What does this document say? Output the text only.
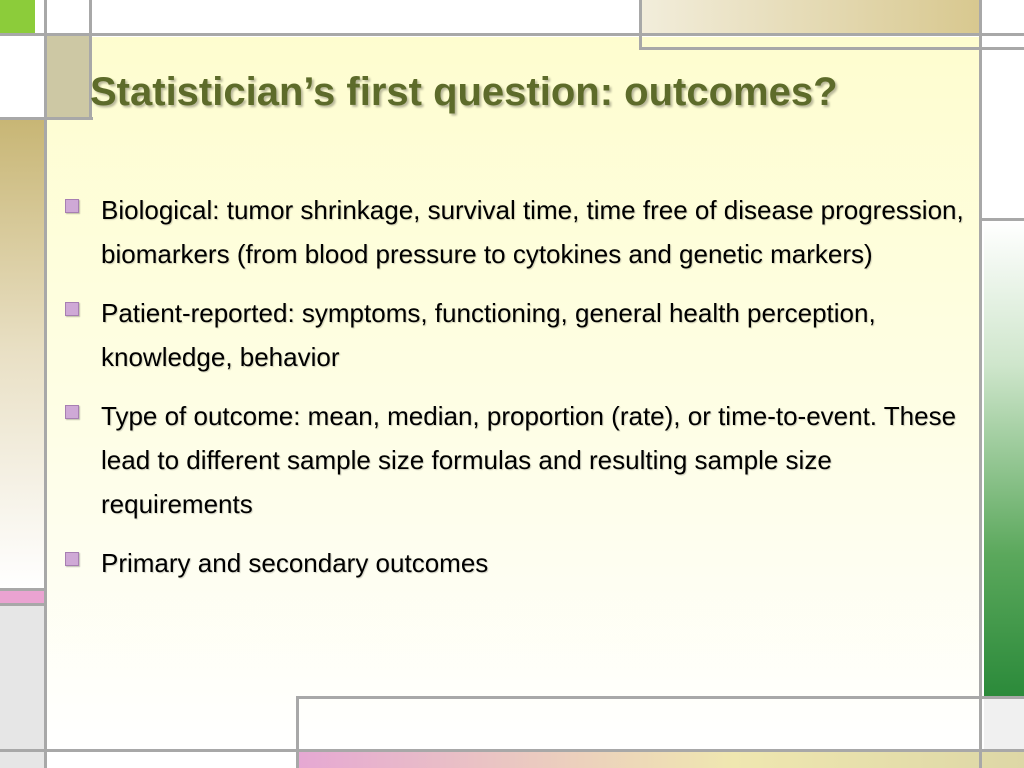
Statistician’s first question: outcomes?
Biological: tumor shrinkage, survival time, time free of disease progression, biomarkers (from blood pressure to cytokines and genetic markers)
Patient-reported: symptoms, functioning, general health perception, knowledge, behavior
Type of outcome: mean, median, proportion (rate), or time-to-event. These lead to different sample size formulas and resulting sample size requirements
Primary and secondary outcomes
